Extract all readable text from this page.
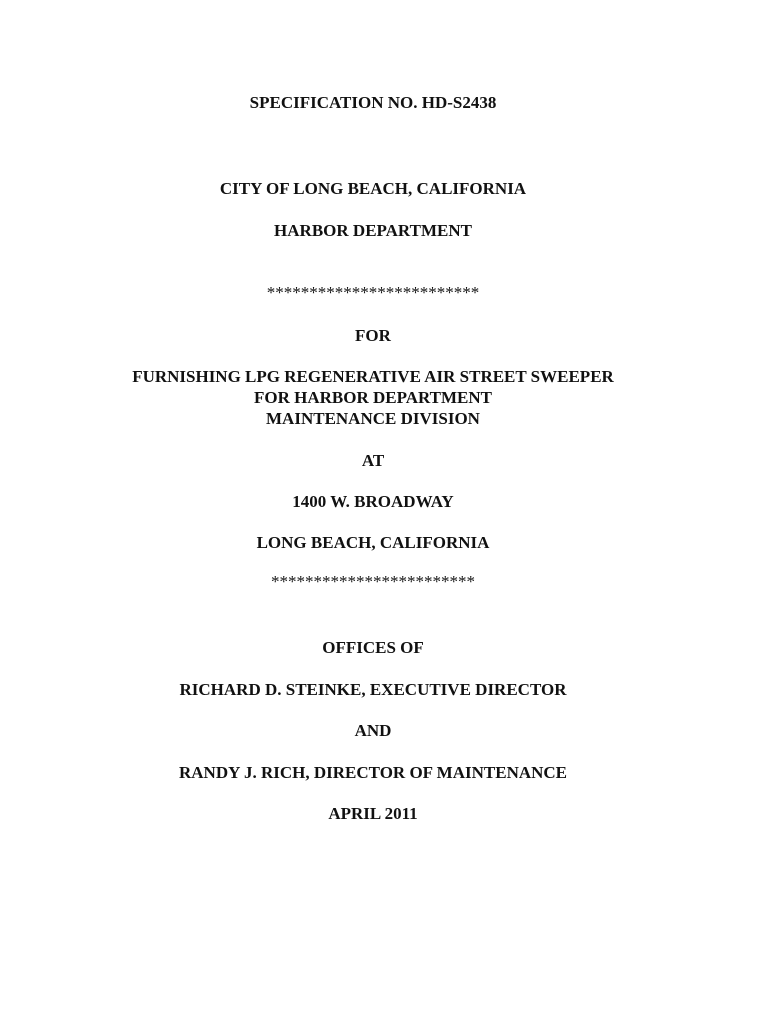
SPECIFICATION NO. HD-S2438
CITY OF LONG BEACH, CALIFORNIA
HARBOR DEPARTMENT
*************************
FOR
FURNISHING LPG REGENERATIVE AIR STREET SWEEPER
FOR HARBOR DEPARTMENT
MAINTENANCE DIVISION
AT
1400 W. BROADWAY
LONG BEACH, CALIFORNIA
************************
OFFICES OF
RICHARD D. STEINKE, EXECUTIVE DIRECTOR
AND
RANDY J. RICH, DIRECTOR OF MAINTENANCE
APRIL 2011
